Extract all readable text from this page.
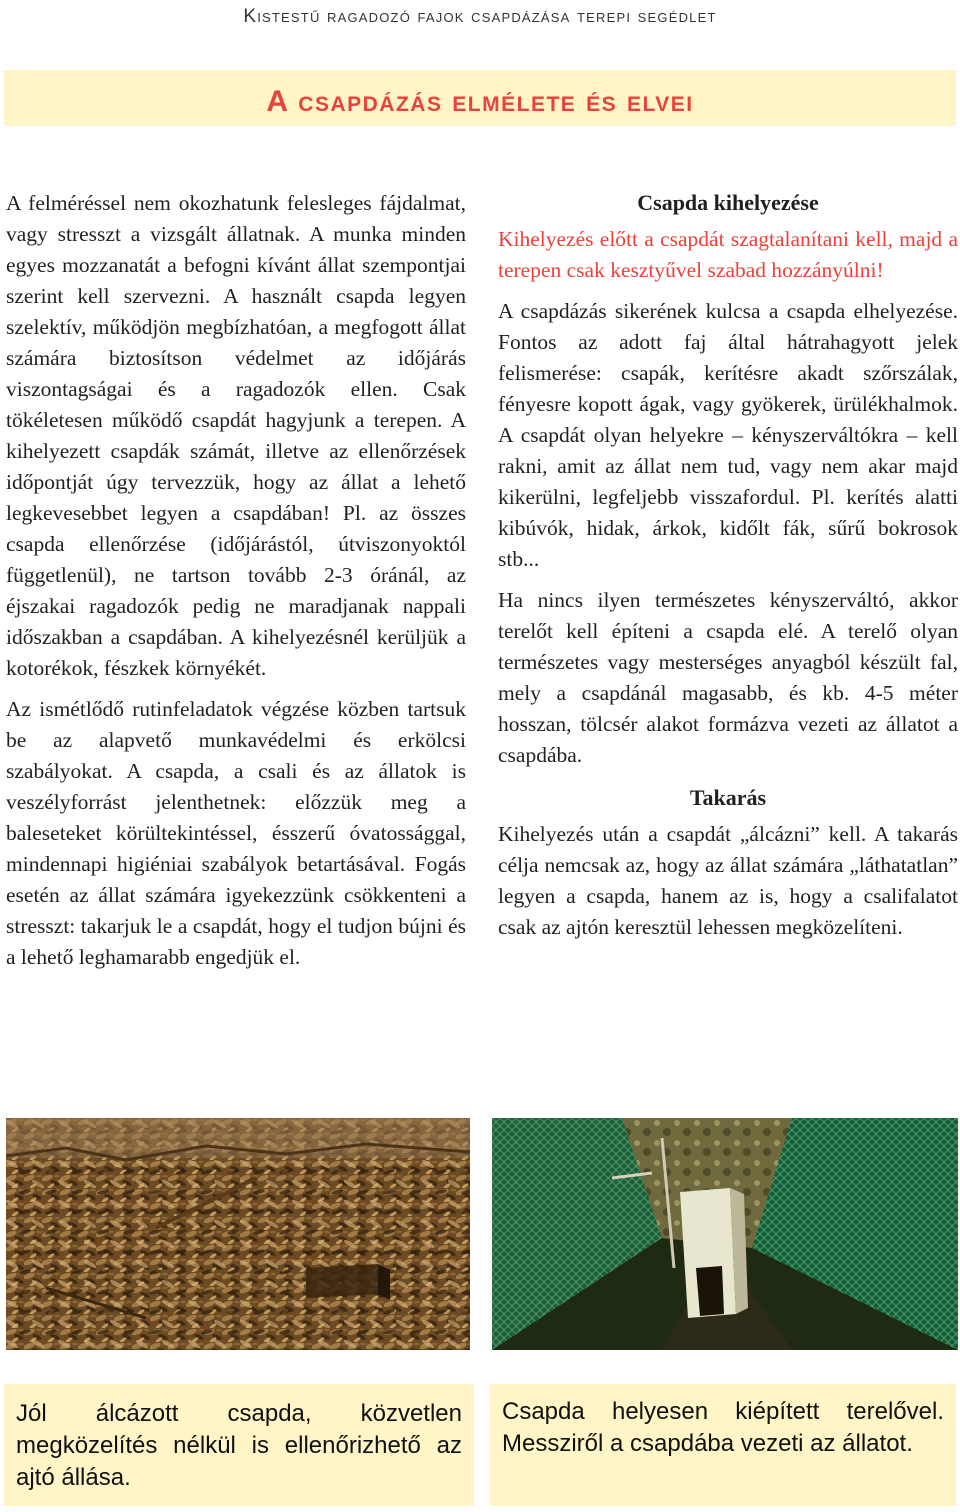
Kistestű ragadozó fajok csapdázása terepi segédlet
A csapdázás elmélete és elvei

A felméréssel nem okozhatunk felesleges fájdalmat, vagy stresszt a vizsgált állatnak. A munka minden egyes mozzanatát a befogni kívánt állat szempontjai szerint kell szervezni. A használt csapda legyen szelektív, működjön megbízhatóan, a megfogott állat számára biztosítson védelmet az időjárás viszontagságai és a ragadozók ellen. Csak tökéletesen működő csapdát hagyjunk a terepen. A kihelyezett csapdák számát, illetve az ellenőrzések időpontját úgy tervezzük, hogy az állat a lehető legkevesebbet legyen a csapdában! Pl. az összes csapda ellenőrzése (időjárástól, útviszonyoktól függetlenül), ne tartson tovább 2-3 óránál, az éjszakai ragadozók pedig ne maradjanak nappali időszakban a csapdában. A kihelyezésnél kerüljük a kotorékok, fészkek környékét.

Az ismétlődő rutinfeladatok végzése közben tartsuk be az alapvető munkavédelmi és erkölcsi szabályokat. A csapda, a csali és az állatok is veszélyforrást jelenthetnek: előzzük meg a baleseteket körültekintéssel, ésszerű óvatossággal, mindennapi higiéniai szabályok betartásával. Fogás esetén az állat számára igyekezzünk csökkenteni a stresszt: takarjuk le a csapdát, hogy el tudjon bújni és a lehető leghamarabb engedjük el.

Csapda kihelyezése

Kihelyezés előtt a csapdát szagtalanítani kell, majd a terepen csak kesztyűvel szabad hozzányúlni!

A csapdázás sikerének kulcsa a csapda elhelyezése. Fontos az adott faj által hátrahagyott jelek felismerése: csapák, kerítésre akadt szőrszálak, fényesre kopott ágak, vagy gyökerek, ürülékhalmok. A csapdát olyan helyekre – kényszerváltókra – kell rakni, amit az állat nem tud, vagy nem akar majd kikerülni, legfeljebb visszafordul. Pl. kerítés alatti kibúvók, hidak, árkok, kidőlt fák, sűrű bokrosok stb...

Ha nincs ilyen természetes kényszerváltó, akkor terelőt kell építeni a csapda elé. A terelő olyan természetes vagy mesterséges anyagból készült fal, mely a csapdánál magasabb, és kb. 4-5 méter hosszan, tölcsér alakot formázva vezeti az állatot a csapdába.

Takarás

Kihelyezés után a csapdát „álcázni” kell. A takarás célja nemcsak az, hogy az állat számára „láthatatlan” legyen a csapda, hanem az is, hogy a csalifalatot csak az ajtón keresztül lehessen megközelíteni.

Jól álcázott csapda, közvetlen megközelítés nélkül is ellenőrizhető az ajtó állása.
Csapda helyesen kiépített terelővel. Messziről a csapdába vezeti az állatot.
